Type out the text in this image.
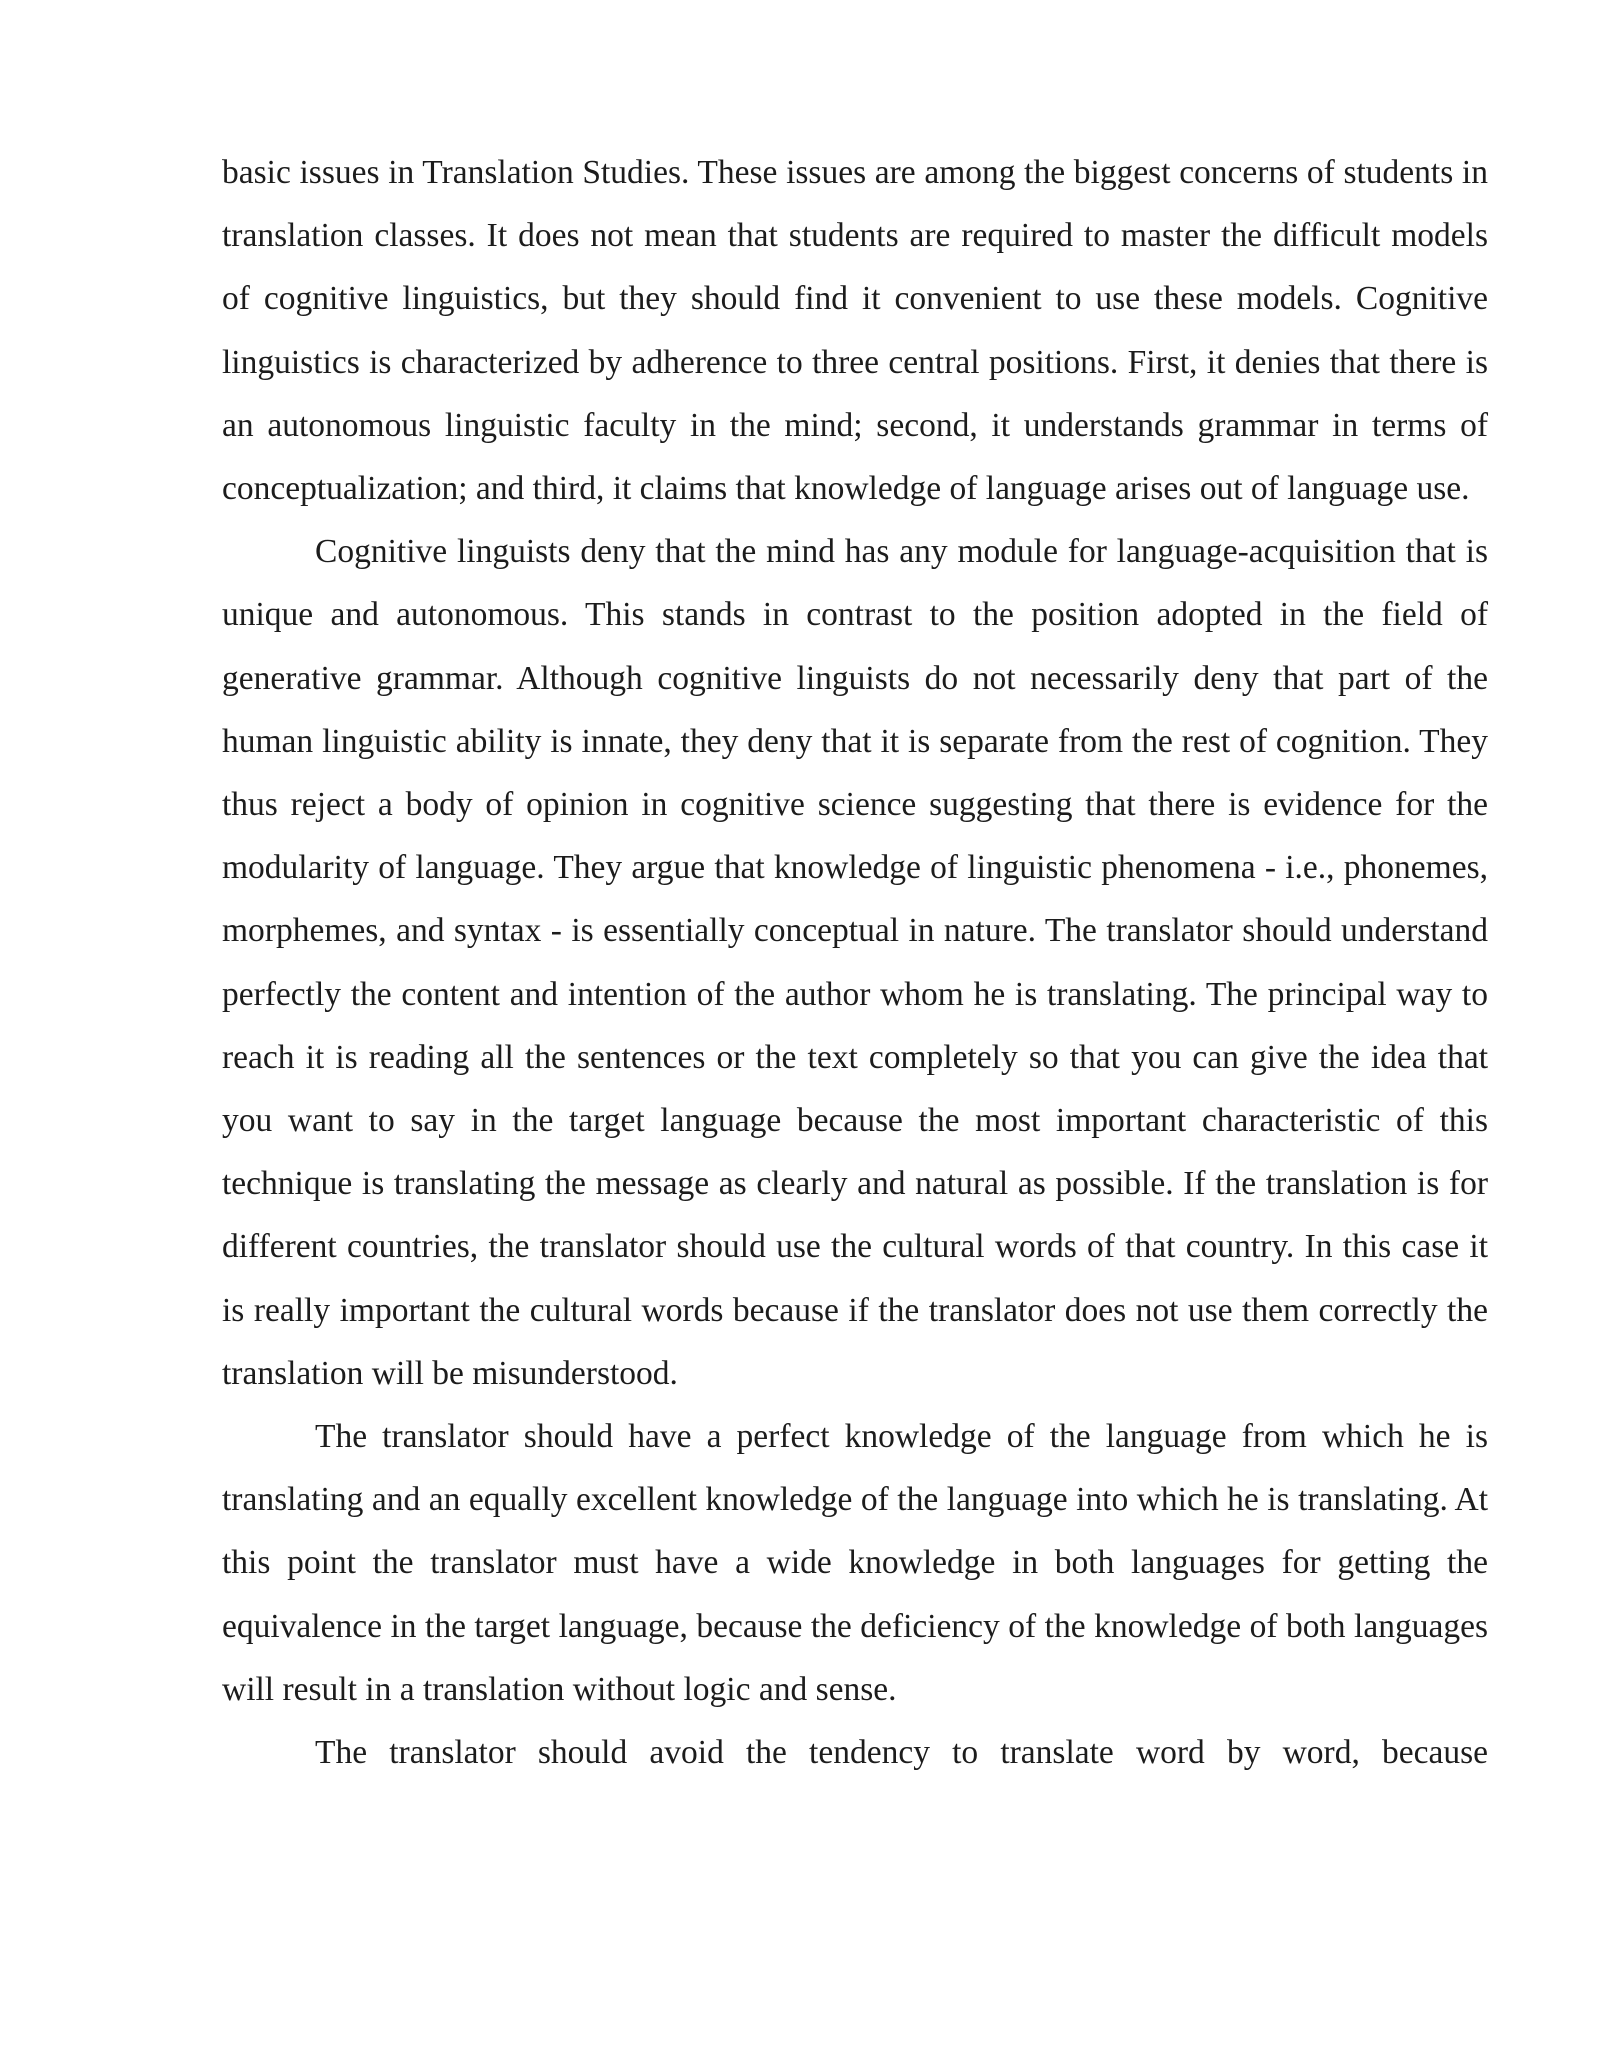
basic issues in Translation Studies. These issues are among the biggest concerns of students in translation classes. It does not mean that students are required to master the difficult models of cognitive linguistics, but they should find it convenient to use these models. Cognitive linguistics is characterized by adherence to three central positions. First, it denies that there is an autonomous linguistic faculty in the mind; second, it understands grammar in terms of conceptualization; and third, it claims that knowledge of language arises out of language use.

Cognitive linguists deny that the mind has any module for language-acquisition that is unique and autonomous. This stands in contrast to the position adopted in the field of generative grammar. Although cognitive linguists do not necessarily deny that part of the human linguistic ability is innate, they deny that it is separate from the rest of cognition. They thus reject a body of opinion in cognitive science suggesting that there is evidence for the modularity of language. They argue that knowledge of linguistic phenomena - i.e., phonemes, morphemes, and syntax - is essentially conceptual in nature. The translator should understand perfectly the content and intention of the author whom he is translating. The principal way to reach it is reading all the sentences or the text completely so that you can give the idea that you want to say in the target language because the most important characteristic of this technique is translating the message as clearly and natural as possible. If the translation is for different countries, the translator should use the cultural words of that country. In this case it is really important the cultural words because if the translator does not use them correctly the translation will be misunderstood.

The translator should have a perfect knowledge of the language from which he is translating and an equally excellent knowledge of the language into which he is translating. At this point the translator must have a wide knowledge in both languages for getting the equivalence in the target language, because the deficiency of the knowledge of both languages will result in a translation without logic and sense.

The translator should avoid the tendency to translate word by word, because
